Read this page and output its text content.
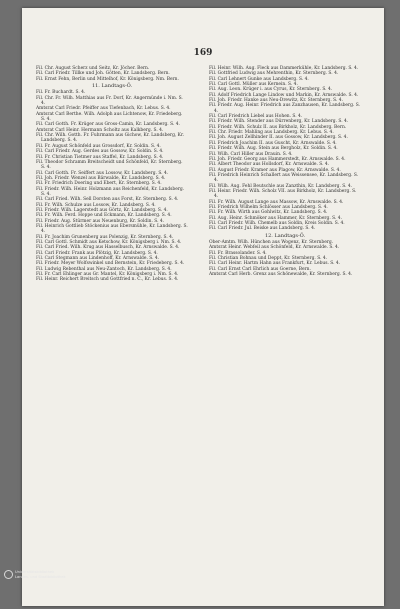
169

Fil. Chr. August Scherz und Seitz, Kr. Jöcher. Bern.

Fil. Carl Friedr. Tillke und Joh. Götten, Kr. Landsberg. Bern.

Fil. Ernst Fehn, Berlin und Mittelhof, Kr. Königsberg. Nm. Bern.

11. Landtags-Ö.

Fil. Fr. Buchardt. S. 4.

Fil. Chr. Fr. Wilh. Matthias aus Fr. Dorf, Kr. Angermünde i. Nm. S. 4.

Amtsrat Carl Friedr. Pfeiffer aus Tiefenbach, Kr. Lebus. S. 4.

Amtsrat Carl Berthe. Wilh. Adolph aus Lichtenow, Kr. Friedeberg. S. 4.

Fil. Carl Gotth. Fr. Krüger aus Gross-Camin, Kr. Landsberg. S. 4.

Amtsrat Carl Heinr. Hermann Scholtz aus Kalkberg. S. 4.

Fil. Chr. Wilh. Gotth. Fr. Fuhrmann aus Gichow, Kr. Landsberg, Kr. Landsberg. S. 4.

Fil. Fr. August Schönfeld aus Grossdorf, Kr. Soldin. S. 4.

Fil. Carl Friedr. Aug. Gerdes aus Gossow, Kr. Soldin. S. 4.

Fil. Fr. Christian Tietmer aus Staffel, Kr. Landsberg. S. 4.

Fil. Theodor Schramm Breitscheidt und Schönfeld, Kr. Sternberg. S. 4.

Fil. Carl Gotth. Fr. Seiffert aus Lossow, Kr. Landsberg. S. 4.

Fil. Joh. Friedr. Wenzel aus Bärwalde, Kr. Landsberg. S. 4.

Fil. Fr. Friedrich Doering und Ebert, Kr. Sternberg. S. 4.

Fil. Friedr. Wilh. Heinr. Holzmann aus Reichenfeld, Kr. Landsberg. S. 4.

Fil. Carl Fried. Wilh. Sell Dorsten aus Forst, Kr. Sternberg. S. 4.

Fil. Fr. Wilh. Schulze aus Lossow, Kr. Landsberg. S. 4.

Fil. Friedr. Wilh. Lagerstedt aus Görtz, Kr. Landsberg. S. 4.

Fil. Fr. Wilh. Ferd. Hoppe und Eckmann, Kr. Landsberg. S. 4.

Fil. Friedr. Aug. Stürmer aus Neuenburg, Kr. Soldin. S. 4.

Fil. Heinrich Gottlieb Stöckenius aus Ebersmühle, Kr. Landsberg. S. 4.

Fil. Fr. Joachim Grunenberg aus Polenzig, Kr. Sternberg. S. 4.

Fil. Carl Gottl. Schmidt aus Ketschow, Kr. Königsberg i. Nm. S. 4.

Fil. Carl Fried. Wilh. Krug aus Hasselbusch, Kr. Arnswalde. S. 4.

Fil. Carl Friedr. Frank aus Plötzig, Kr. Landsberg. S. 4.

Fil. Carl Stegmann aus Lindenhoff, Kr. Arnswalde. S. 4.

Fil. Friedr. Meyer Wolfswinkel und Bernstein, Kr. Friedeberg. S. 4.

Fil. Ludwig Rebenthal aus Neu-Zantoch, Kr. Landsberg. S. 4.

Fil. Fr. Carl Ehlinger aus Gr. Mantel, Kr. Königsberg i. Nm. S. 4.

Fil. Heinr. Reichert Breitsch und Gottfried n. C., Kr. Lebus. S. 4.

Fil. Heinr. Wilh. Aug. Fleck aus Dammerkühle, Kr. Landsberg. S. 4.

Fil. Gottfried Ludwig aus Mehrenthin, Kr. Sternberg. S. 4.

Fil. Carl Lehnert Gunke aus Landsberg. S. 4.

Fil. Carl Gottl. Müller aus Kernein. S. 4.

Fil. Aug. Leon. Krüger i. aus Cyrus, Kr. Sternberg. S. 4.

Fil. Adolf Friedrich Lange Lindow und Markin, Kr. Arnswalde. S. 4.

Fil. Joh. Friedr. Hanke aus Neu-Drewitz, Kr. Sternberg. S. 4.

Fil. Friedr. Aug. Heinr. Friedrich aus Zanzhausen, Kr. Landsberg. S. 4.

Fil. Carl Friedrich Liebel aus Hohen. S. 4.

Fil. Friedr. Wilh. Stender aus Dürrenberg, Kr. Landsberg. S. 4.

Fil. Friedr. Wilh. Schulz II. aus Birkholz, Kr. Landsberg. Bern.

Fil. Chr. Friedr. Mahling aus Landsberg. Kr. Lebus. S. 4.

Fil. Joh. August Zellhinder II. aus Gossow, Kr. Landsberg. S. 4.

Fil. Friedrich Joachim II. aus Guscht, Kr. Arnswalde. S. 4.

Fil. Friedr. Wilh. Aug. Stein aus Bergholz, Kr. Soldin. S. 4.

Fil. Wilh. Carl Hiller aus Drauin. S. 4.

Fil. Joh. Friedr. Georg aus Hammerstedt, Kr. Arnswalde. S. 4.

Fil. Albert Theodor aus Hollsdorf, Kr. Arnswalde. S. 4.

Fil. August Friedr. Kramer aus Plagow, Kr. Arnswalde. S. 4.

Fil. Friedrich Heinrich Schallert aus Weissensee, Kr. Landsberg. S. 4.

Fil. Wilh. Aug. Fehl Beutschle aus Zanzthin, Kr. Landsberg. S. 4.

Fil. Heinr. Friedr. Wilh. Scholz VII. aus Birkholz, Kr. Landsberg. S. 4.

Fil. Fr. Wilh. August Lange aus Massow, Kr. Arnswalde. S. 4.

Fil. Friedrich Wilhelm Schlösser aus Landsberg. S. 4.

Fil. Fr. Wilh. Wirth aus Gohlwitz, Kr. Landsberg. S. 4.

Fil. Aug. Heinr. Schmöker aus Hammer, Kr. Sternberg. S. 4.

Fil. Carl Friedr. Wilh. Chemelb aus Soldin, Kreis Soldin. S. 4.

Fil. Carl Friedr. Jul. Beiske aus Landsberg. S. 4.

12. Landtags-Ö.

Ober-Amtm. Wilh. Hünchen aus Wogenz, Kr. Sternberg.

Amtsrat Heinr. Webfeil aus Schönfeld, Kr. Arnswalde. S. 4.

Fil. Fr. Brassolander. S. 4.

Fil. Christian Bohnau und Deppt, Kr. Sternberg. S. 4.

Fil. Carl Heinr. Hartm Hahn aus Frankfurt, Kr. Lebus. S. 4.

Fil. Carl Ernst Carl Ehrlich aus Goerne, Bern.

Amtsrat Carl Herb. Grenz aus Schönewalde, Kr. Sternberg. S. 4.

Universitätsbibliothek
Landes- und Stadtbibliothek
